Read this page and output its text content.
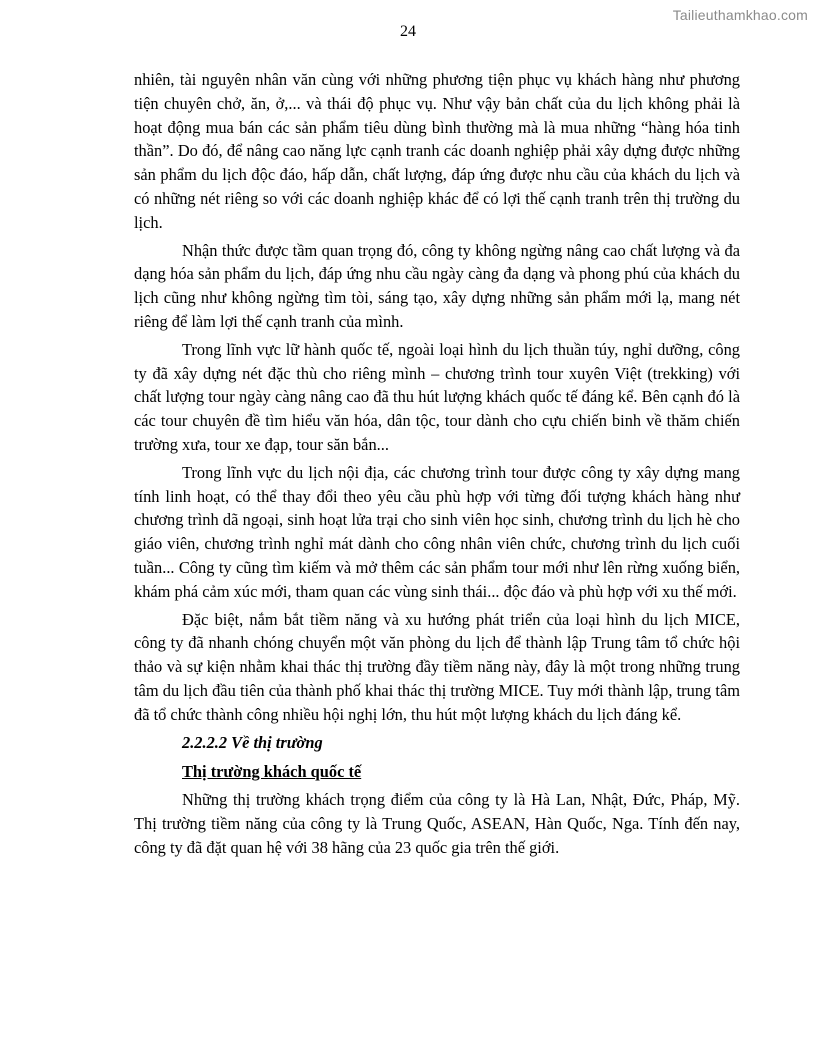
Tailieuthamkhao.com
24

nhiên, tài nguyên nhân văn cùng với những phương tiện phục vụ khách hàng như phương tiện chuyên chở, ăn, ở,... và thái độ phục vụ. Như vậy bản chất của du lịch không phải là hoạt động mua bán các sản phẩm tiêu dùng bình thường mà là mua những “hàng hóa tinh thần”. Do đó, để nâng cao năng lực cạnh tranh các doanh nghiệp phải xây dựng được những sản phẩm du lịch độc đáo, hấp dẫn, chất lượng, đáp ứng được nhu cầu của khách du lịch và có những nét riêng so với các doanh nghiệp khác để có lợi thế cạnh tranh trên thị trường du lịch.

Nhận thức được tầm quan trọng đó, công ty không ngừng nâng cao chất lượng và đa dạng hóa sản phẩm du lịch, đáp ứng nhu cầu ngày càng đa dạng và phong phú của khách du lịch cũng như không ngừng tìm tòi, sáng tạo, xây dựng những sản phẩm mới lạ, mang nét riêng để làm lợi thế cạnh tranh của mình.

Trong lĩnh vực lữ hành quốc tế, ngoài loại hình du lịch thuần túy, nghỉ dưỡng, công ty đã xây dựng nét đặc thù cho riêng mình – chương trình tour xuyên Việt (trekking) với chất lượng tour ngày càng nâng cao đã thu hút lượng khách quốc tế đáng kể. Bên cạnh đó là các tour chuyên đề tìm hiểu văn hóa, dân tộc, tour dành cho cựu chiến binh về thăm chiến trường xưa, tour xe đạp, tour săn bắn...

Trong lĩnh vực du lịch nội địa, các chương trình tour được công ty xây dựng mang tính linh hoạt, có thể thay đổi theo yêu cầu phù hợp với từng đối tượng khách hàng như chương trình dã ngoại, sinh hoạt lửa trại cho sinh viên học sinh, chương trình du lịch hè cho giáo viên, chương trình nghỉ mát dành cho công nhân viên chức, chương trình du lịch cuối tuần... Công ty cũng tìm kiếm và mở thêm các sản phẩm tour mới như lên rừng xuống biển, khám phá cảm xúc mới, tham quan các vùng sinh thái... độc đáo và phù hợp với xu thế mới.

Đặc biệt, nắm bắt tiềm năng và xu hướng phát triển của loại hình du lịch MICE, công ty đã nhanh chóng chuyển một văn phòng du lịch để thành lập Trung tâm tổ chức hội thảo và sự kiện nhằm khai thác thị trường đầy tiềm năng này, đây là một trong những trung tâm du lịch đầu tiên của thành phố khai thác thị trường MICE. Tuy mới thành lập, trung tâm đã tổ chức thành công nhiều hội nghị lớn, thu hút một lượng khách du lịch đáng kể.

2.2.2.2 Về thị trường
Thị trường khách quốc tế

Những thị trường khách trọng điểm của công ty là Hà Lan, Nhật, Đức, Pháp, Mỹ. Thị trường tiềm năng của công ty là Trung Quốc, ASEAN, Hàn Quốc, Nga. Tính đến nay, công ty đã đặt quan hệ với 38 hãng của 23 quốc gia trên thế giới.
